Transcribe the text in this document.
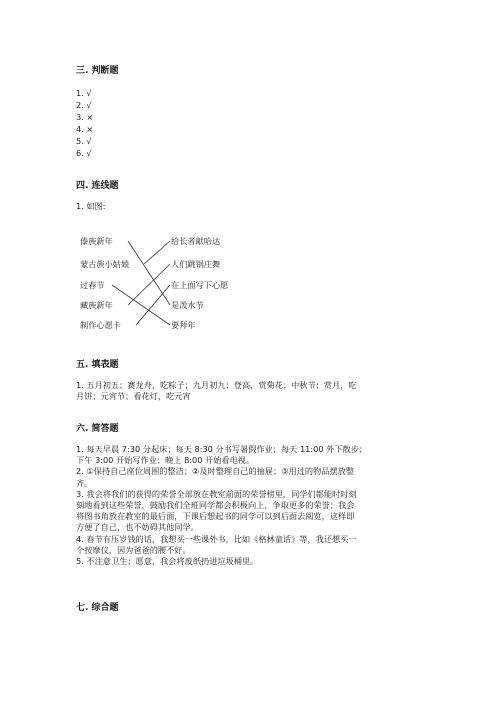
三. 判断题
1. √
2. √
3. ×
4. ×
5. √
6. √
四. 连线题
1. 如图:
傣族新年
蒙古族小姑娘
过春节
藏族新年
制作心愿卡
给长者献哈达
人们跳锅庄舞
在上面写下心愿
是泼水节
要拜年
五. 填表题

1. 五月初五；赛龙舟，吃粽子；九月初九；登高，赏菊花；中秋节；赏月，吃

月饼；元宵节；看花灯，吃元宵

六. 简答题

1. 每天早晨 7:30 分起床；每天 8:30 分书写暑假作业；每天 11:00 外下散步；

下午 3:00 开始写作业；晚上 8:00 开始看电视。

2. ①保持自己座位周围的整洁；②及时整理自己的抽屉；③用过的物品摆放整

齐。

3. 我会将我们的获得的荣誉全部放在教室前面的荣誉榜里，同学们都能时时刻

刻地看到这些荣誉，鼓励我们全班同学都会积极向上，争取更多的荣誉；我会

将图书角放在教室的最后面，下课后想起书的同学可以到后面去阅览，这样即

方便了自己，也不妨碍其他同学。

4. 春节有压岁钱的话，我想买一些课外书，比如《格林童话》等，我还想买一

个按摩仪，因为爸爸的腰不好。

5. 不注意卫生；愿意，我会将废纸扔进垃圾桶里。

七. 综合题
